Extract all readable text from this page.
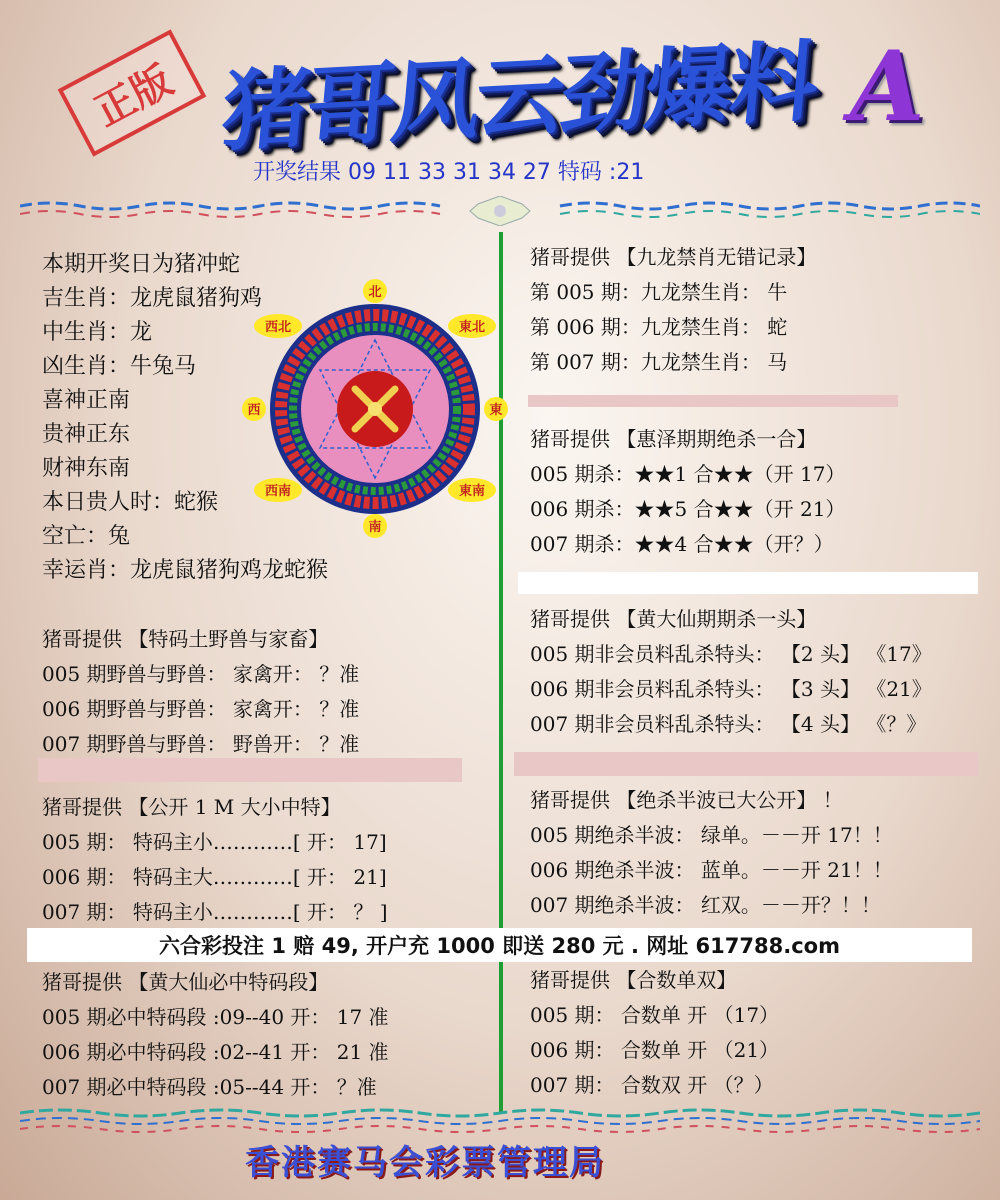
正版 猪哥风云劲爆料 A
开奖结果 09 11 33 31 34 27 特码 :21
本期开奖日为猪冲蛇
吉生肖：龙虎鼠猪狗鸡
中生肖：龙
凶生肖：牛兔马
喜神正南
贵神正东
财神东南
本日贵人时：蛇猴
空亡：兔
幸运肖：龙虎鼠猪狗鸡龙蛇猴
北
西北	東北
西	東
西南	東南
南
猪哥提供 【特码土野兽与家畜】
005 期野兽与野兽： 家禽开： ？准
006 期野兽与野兽： 家禽开： ？准
007 期野兽与野兽： 野兽开： ？准
猪哥提供 【公开 1 M 大小中特】
005 期： 特码主小…………[ 开： 17]
006 期： 特码主大…………[ 开： 21]
007 期： 特码主小…………[ 开： ？ ]
六合彩投注 1 赔 49, 开户充 1000 即送 280 元 . 网址 617788.com
猪哥提供 【黄大仙必中特码段】
005 期必中特码段 :09--40 开： 17 准
006 期必中特码段 :02--41 开： 21 准
007 期必中特码段 :05--44 开： ？准
猪哥提供 【九龙禁肖无错记录】
第 005 期：九龙禁生肖： 牛
第 006 期：九龙禁生肖： 蛇
第 007 期：九龙禁生肖： 马
猪哥提供 【惠泽期期绝杀一合】
005 期杀：★★1 合★★（开 17）
006 期杀：★★5 合★★（开 21）
007 期杀：★★4 合★★（开？）
猪哥提供 【黄大仙期期杀一头】
005 期非会员料乱杀特头： 【2 头】 《17》
006 期非会员料乱杀特头： 【3 头】 《21》
007 期非会员料乱杀特头： 【4 头】 《？》
猪哥提供 【绝杀半波已大公开】 ！
005 期绝杀半波： 绿单。－－开 17！！
006 期绝杀半波： 蓝单。－－开 21！！
007 期绝杀半波： 红双。－－开？！！
猪哥提供 【合数单双】
005 期： 合数单 开 （17）
006 期： 合数单 开 （21）
007 期： 合数双 开 （？）
香港赛马会彩票管理局
